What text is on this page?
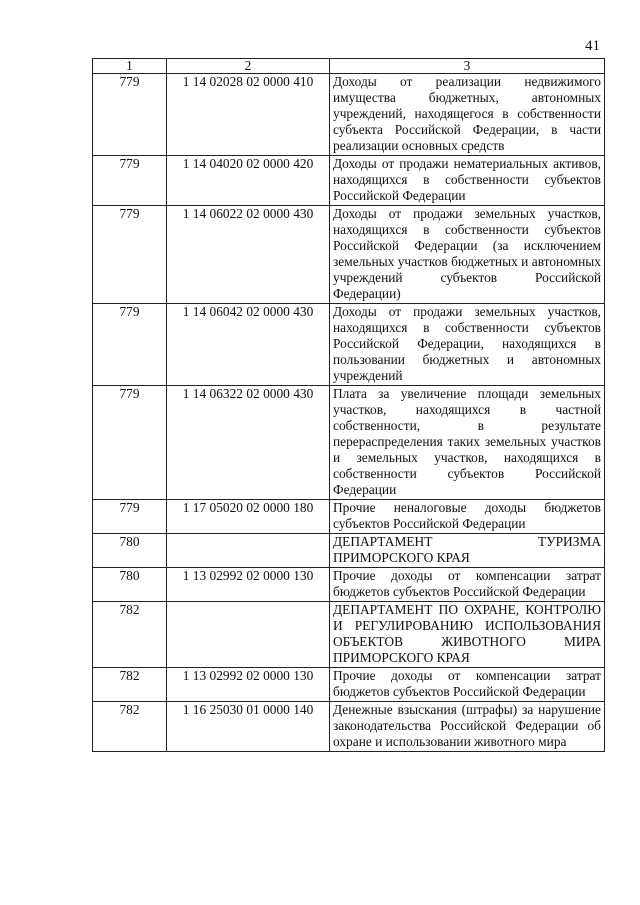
41
1	2	3
779	1 14 02028 02 0000 410	Доходы от реализации недвижимого имущества бюджетных, автономных учреждений, находящегося в собственности субъекта Российской Федерации, в части реализации основных средств
779	1 14 04020 02 0000 420	Доходы от продажи нематериальных активов, находящихся в собственности субъектов Российской Федерации
779	1 14 06022 02 0000 430	Доходы от продажи земельных участков, находящихся в собственности субъектов Российской Федерации (за исключением земельных участков бюджетных и автономных учреждений субъектов Российской Федерации)
779	1 14 06042 02 0000 430	Доходы от продажи земельных участков, находящихся в собственности субъектов Российской Федерации, находящихся в пользовании бюджетных и автономных учреждений
779	1 14 06322 02 0000 430	Плата за увеличение площади земельных участков, находящихся в частной собственности, в результате перераспределения таких земельных участков и земельных участков, находящихся в собственности субъектов Российской Федерации
779	1 17 05020 02 0000 180	Прочие неналоговые доходы бюджетов субъектов Российской Федерации
780		ДЕПАРТАМЕНТ ТУРИЗМА ПРИМОРСКОГО КРАЯ
780	1 13 02992 02 0000 130	Прочие доходы от компенсации затрат бюджетов субъектов Российской Федерации
782		ДЕПАРТАМЕНТ ПО ОХРАНЕ, КОНТРОЛЮ И РЕГУЛИРОВАНИЮ ИСПОЛЬЗОВАНИЯ ОБЪЕКТОВ ЖИВОТНОГО МИРА ПРИМОРСКОГО КРАЯ
782	1 13 02992 02 0000 130	Прочие доходы от компенсации затрат бюджетов субъектов Российской Федерации
782	1 16 25030 01 0000 140	Денежные взыскания (штрафы) за нарушение законодательства Российской Федерации об охране и использовании животного мира
